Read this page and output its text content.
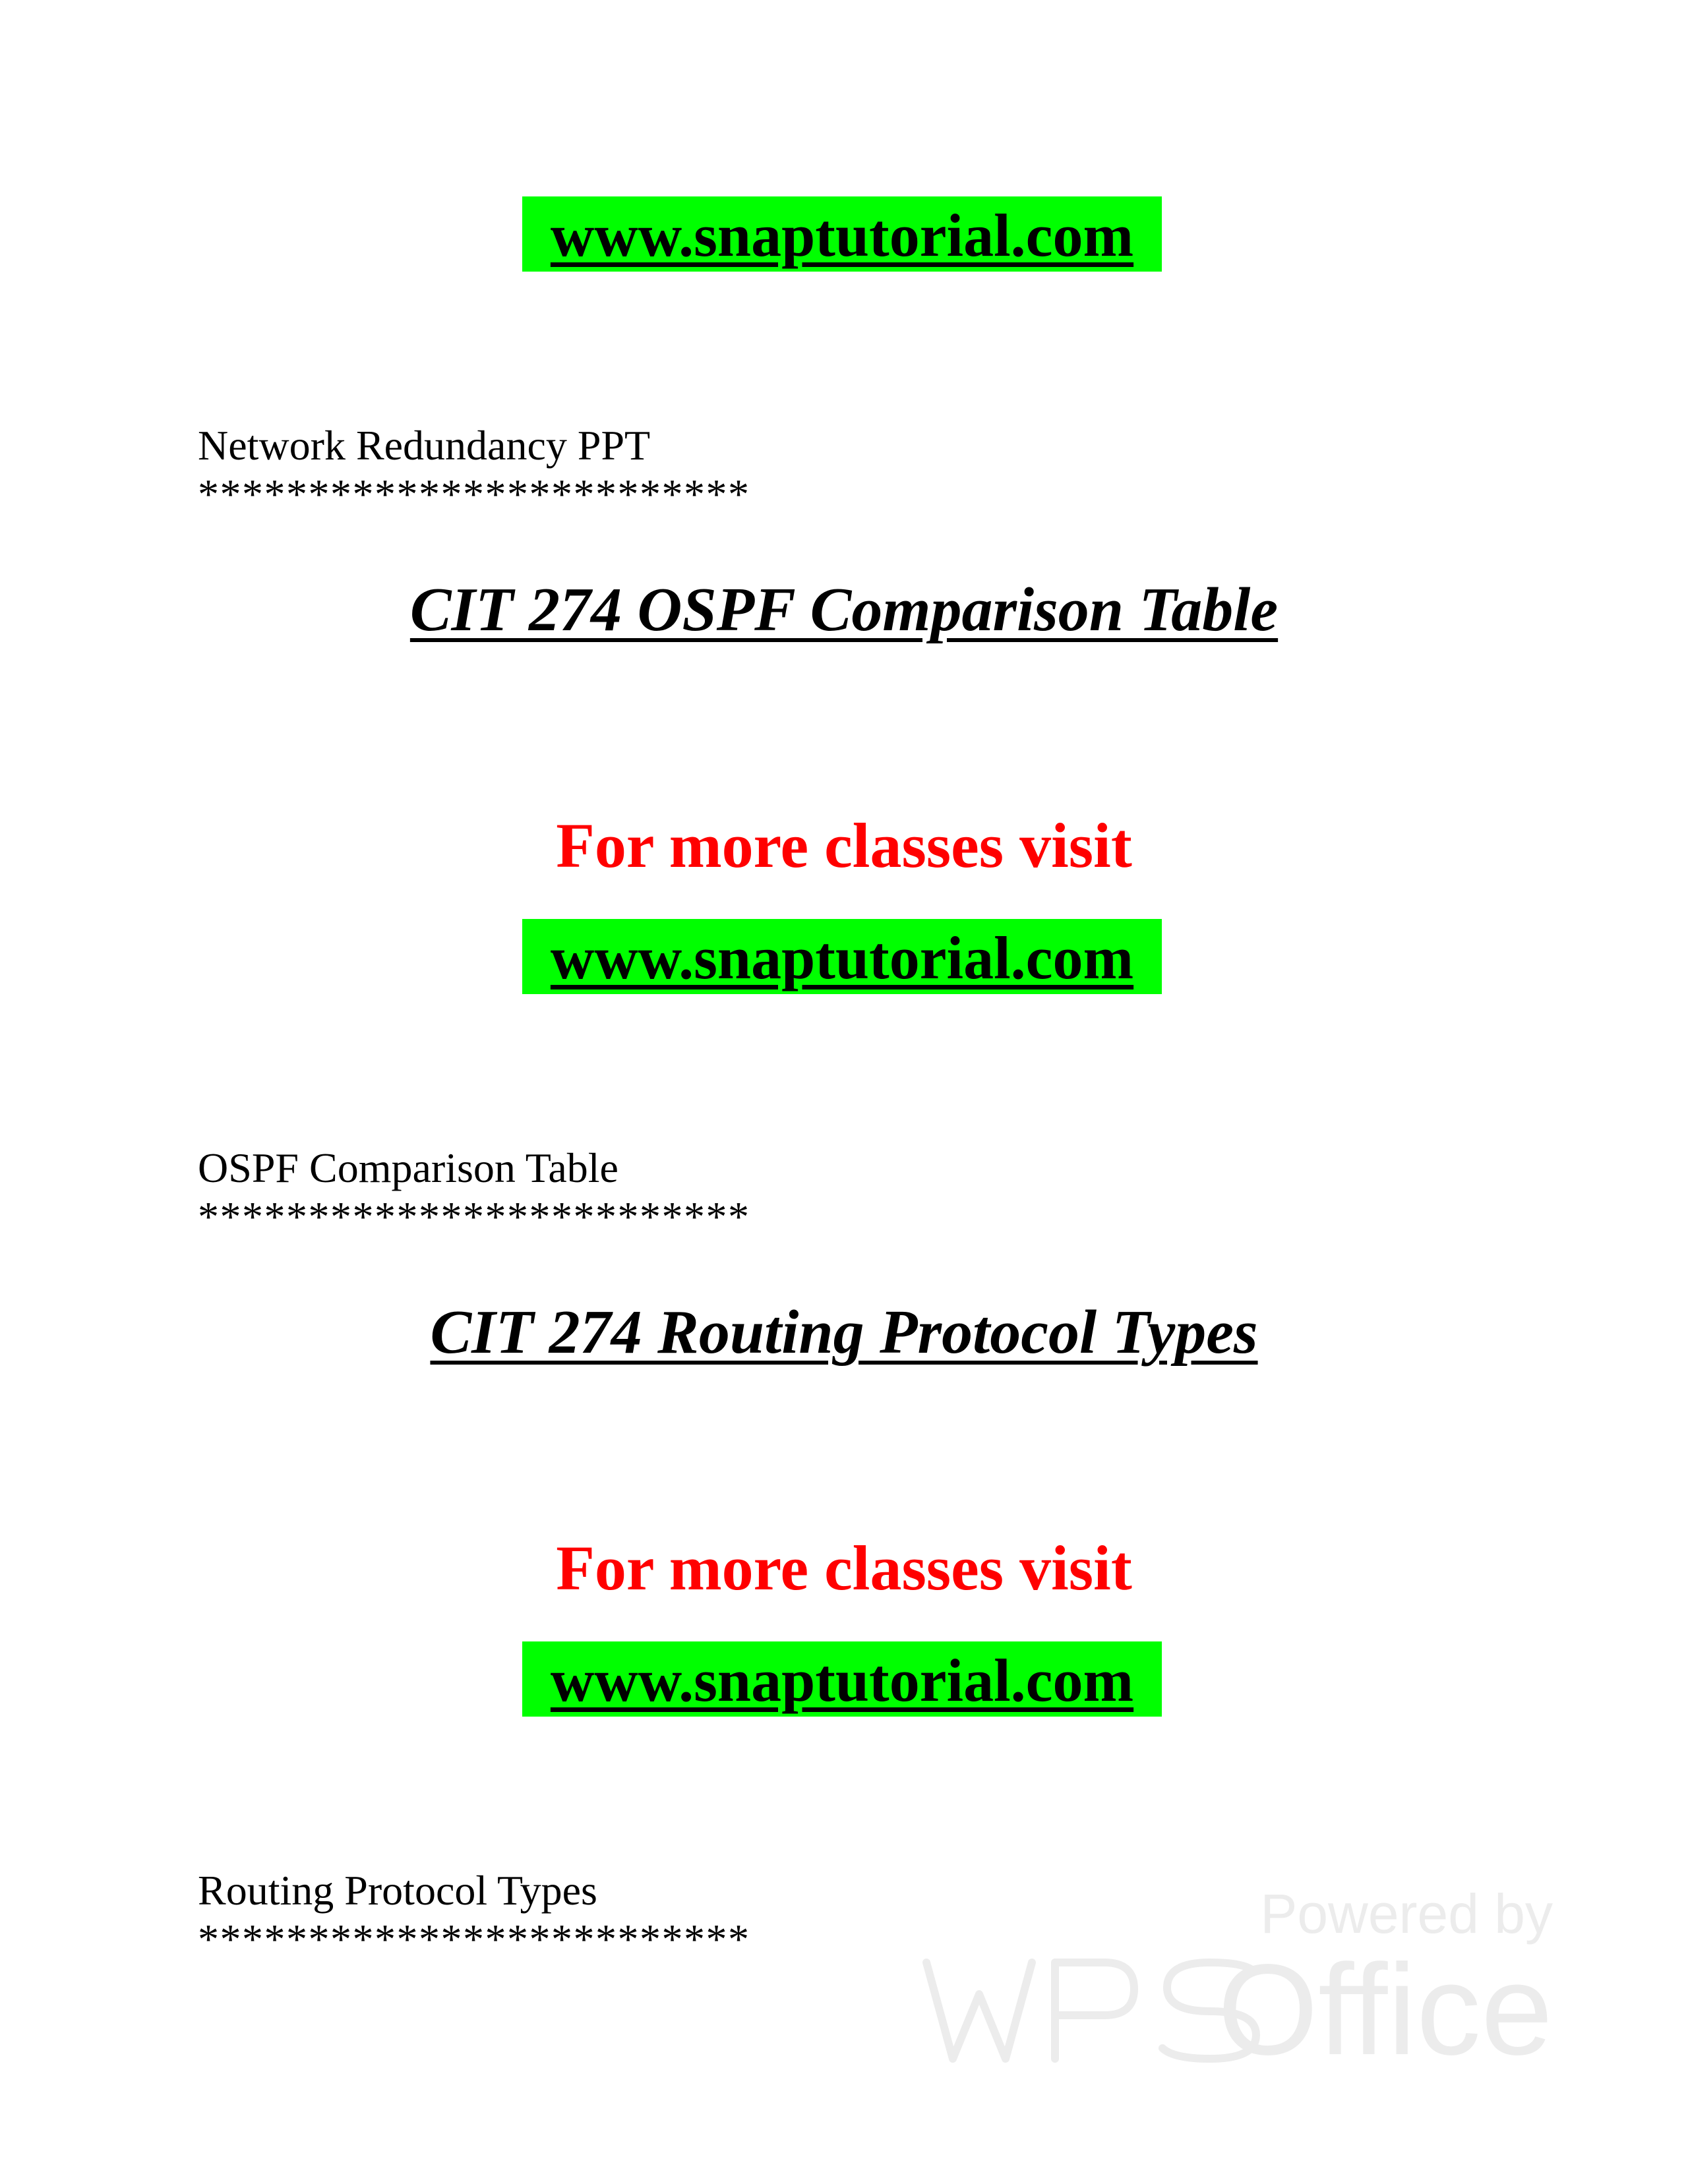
www.snaptutorial.com
Network Redundancy PPT
*************************
CIT 274 OSPF Comparison Table
For more classes visit
www.snaptutorial.com
OSPF Comparison Table
*************************
CIT 274 Routing Protocol Types
For more classes visit
www.snaptutorial.com
Routing Protocol Types
*************************	Powered by
Office
